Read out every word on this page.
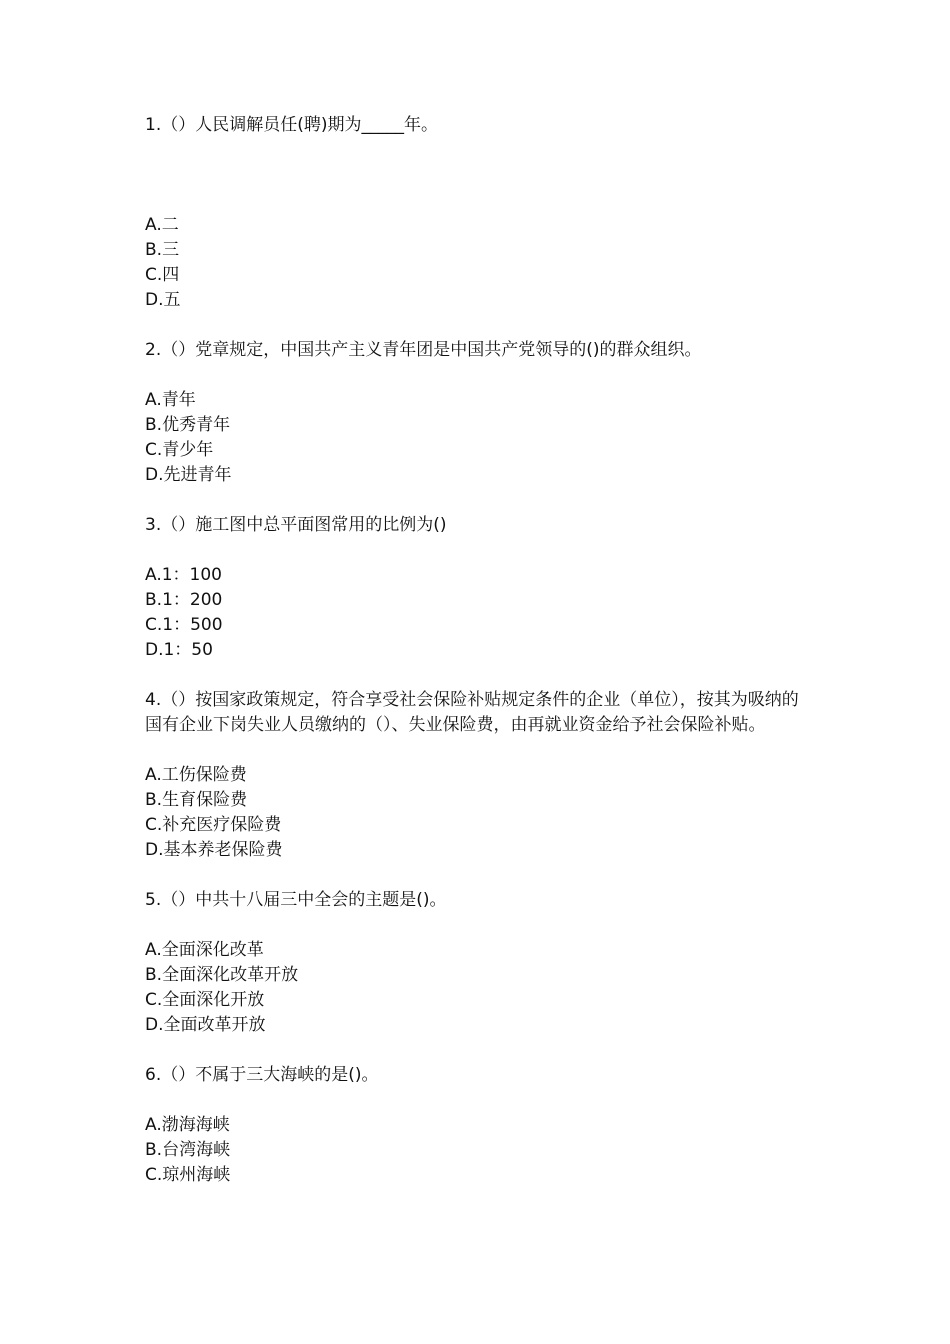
1.（）人民调解员任(聘)期为_____年。

A.二
B.三
C.四
D.五

2.（）党章规定，中国共产主义青年团是中国共产党领导的()的群众组织。

A.青年
B.优秀青年
C.青少年
D.先进青年

3.（）施工图中总平面图常用的比例为()

A.1：100
B.1：200
C.1：500
D.1：50

4.（）按国家政策规定，符合享受社会保险补贴规定条件的企业（单位），按其为吸纳的国有企业下岗失业人员缴纳的（）、失业保险费，由再就业资金给予社会保险补贴。

A.工伤保险费
B.生育保险费
C.补充医疗保险费
D.基本养老保险费

5.（）中共十八届三中全会的主题是()。

A.全面深化改革
B.全面深化改革开放
C.全面深化开放
D.全面改革开放

6.（）不属于三大海峡的是()。

A.渤海海峡
B.台湾海峡
C.琼州海峡
